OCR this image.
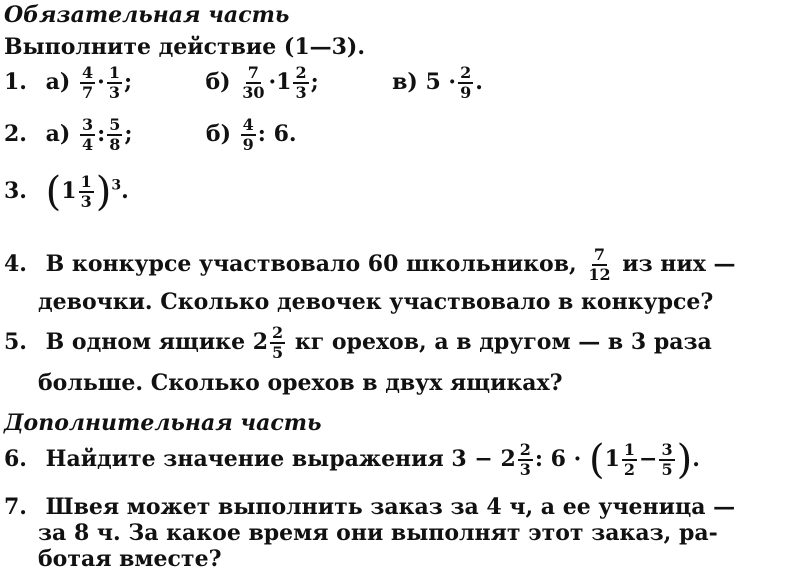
Обязательная часть
Выполните действие (1—3).
1. $а) \frac{4}{7} \cdot \frac{1}{3}$ ;	$б) \frac{7}{30} \cdot 1 \frac{2}{3}$ ;	в) $5 \cdot \frac{2}{9}$ .
2. $а) \frac{3}{4}$ : $\frac{5}{8}$ ;	$б) \frac{4}{9}$ : 6.
3. $(1 \frac{1}{3} )^3$.
4. В конкурсе участвовало 60 школьников, $\frac{7}{12}$ из них —
девочки. Сколько девочек участвовало в конкурсе?
5. В одном ящике $2 \frac{2}{5}$ кг орехов, а в другом — в 3 раза
больше. Сколько орехов в двух ящиках?
Дополнительная часть
6. Найдите значение выражения $3 - 2 \frac{2}{3}$ : $6 \cdot (1 \frac{1}{2} - \frac{3}{5}$ ).
7. Швея может выполнить заказ за 4 ч, а ее ученица —
за 8 ч. За какое время они выполнят этот заказ, ра-
ботая вместе?
